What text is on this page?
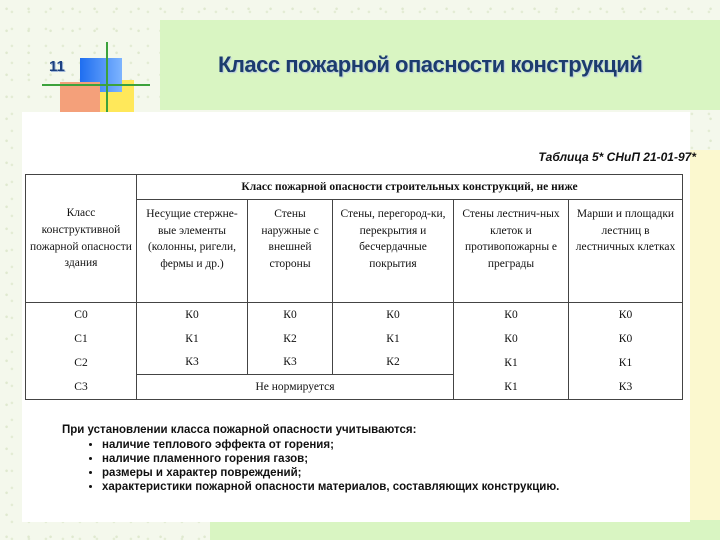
11	Класс пожарной опасности конструкций
Таблица 5* СНиП 21-01-97*
Класс конструктивной пожарной опасности здания	Класс пожарной опасности строительных конструкций, не ниже				
	Несущие стержне-вые элементы (колонны, ригели, фермы и др.)	Стены наружные с внешней стороны	Стены, перегород-ки, перекрытия и бесчердачные покрытия	Стены лестнич-ных клеток и противопожарны е преграды	Марши и площадки лестниц в лестничных клетках
С0	К0	К0	К0	К0	К0
С1	К1	К2	К1	К0	К0
С2	К3	К3	К2	К1	К1
С3	Не нормируется			К1	К3

При установлении класса пожарной опасности учитываются:

• наличие теплового эффекта от горения;
• наличие пламенного горения газов;
• размеры и характер повреждений;
• характеристики пожарной опасности материалов, составляющих конструкцию.
